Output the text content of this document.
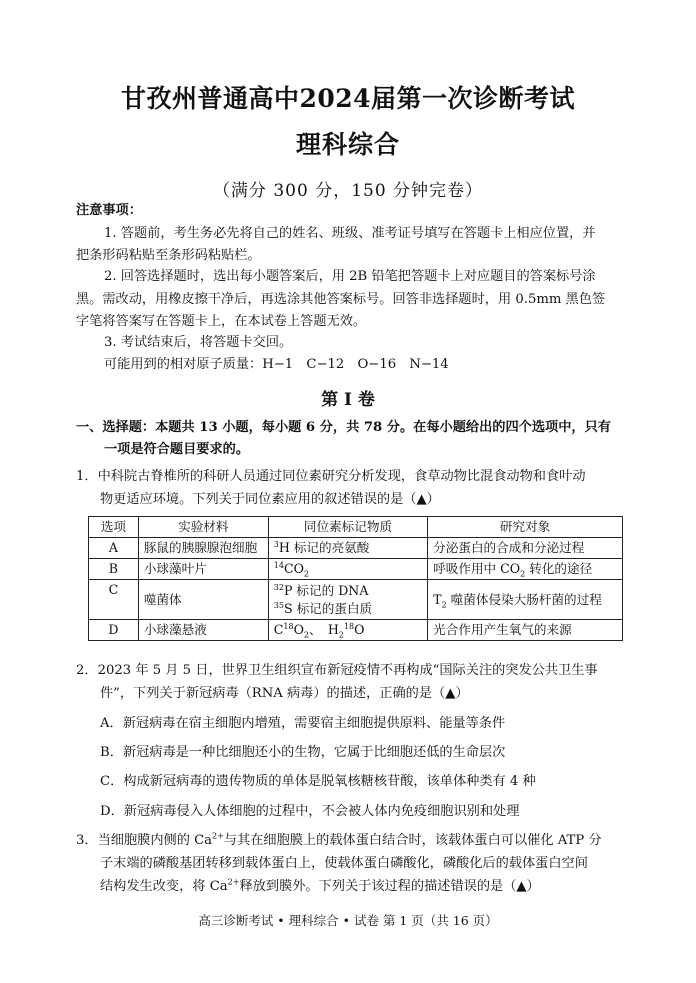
甘孜州普通高中2024届第一次诊断考试
理科综合
（满分 300 分，150 分钟完卷）
注意事项：
1. 答题前，考生务必先将自己的姓名、班级、准考证号填写在答题卡上相应位置，并
把条形码粘贴至条形码粘贴栏。
2. 回答选择题时，选出每小题答案后，用 2B 铅笔把答题卡上对应题目的答案标号涂
黑。需改动，用橡皮擦干净后，再选涂其他答案标号。回答非选择题时，用 0.5mm 黑色签
字笔将答案写在答题卡上，在本试卷上答题无效。
3. 考试结束后，将答题卡交回。
可能用到的相对原子质量：H−1　C−12　O−16　N−14
第 Ⅰ 卷
一、选择题：本题共 13 小题，每小题 6 分，共 78 分。在每小题给出的四个选项中，只有
一项是符合题目要求的。
1．中科院古脊椎所的科研人员通过同位素研究分析发现，食草动物比混食动物和食叶动
物更适应环境。下列关于同位素应用的叙述错误的是（▲）
选项	实验材料	同位素标记物质	研究对象
A	豚鼠的胰腺腺泡细胞	$^3$H 标记的亮氨酸	分泌蛋白的合成和分泌过程
B	小球藻叶片	$^{14}CO_2$	呼吸作用中 $CO_2$ 转化的途径
C	噬菌体	$^{32}$P 标记的 DNA
$^{35}$S 标记的蛋白质	$T_2$ 噬菌体侵染大肠杆菌的过程
D	小球藻悬液	$C^{18}O_2$、　$H_2^{18}O$	光合作用产生氧气的来源
2．2023 年 5 月 5 日，世界卫生组织宣布新冠疫情不再构成“国际关注的突发公共卫生事
件”，下列关于新冠病毒（RNA 病毒）的描述，正确的是（▲）
A．新冠病毒在宿主细胞内增殖，需要宿主细胞提供原料、能量等条件
B．新冠病毒是一种比细胞还小的生物，它属于比细胞还低的生命层次
C．构成新冠病毒的遗传物质的单体是脱氧核糖核苷酸，该单体种类有 4 种
D．新冠病毒侵入人体细胞的过程中，不会被人体内免疫细胞识别和处理
3．当细胞膜内侧的 $Ca^{2+}$与其在细胞膜上的载体蛋白结合时，该载体蛋白可以催化 ATP 分
子末端的磷酸基团转移到载体蛋白上，使载体蛋白磷酸化，磷酸化后的载体蛋白空间
结构发生改变，将 $Ca^{2+}$释放到膜外。下列关于该过程的描述错误的是（▲）
高三诊断考试 • 理科综合 • 试卷 第 1 页（共 16 页）
